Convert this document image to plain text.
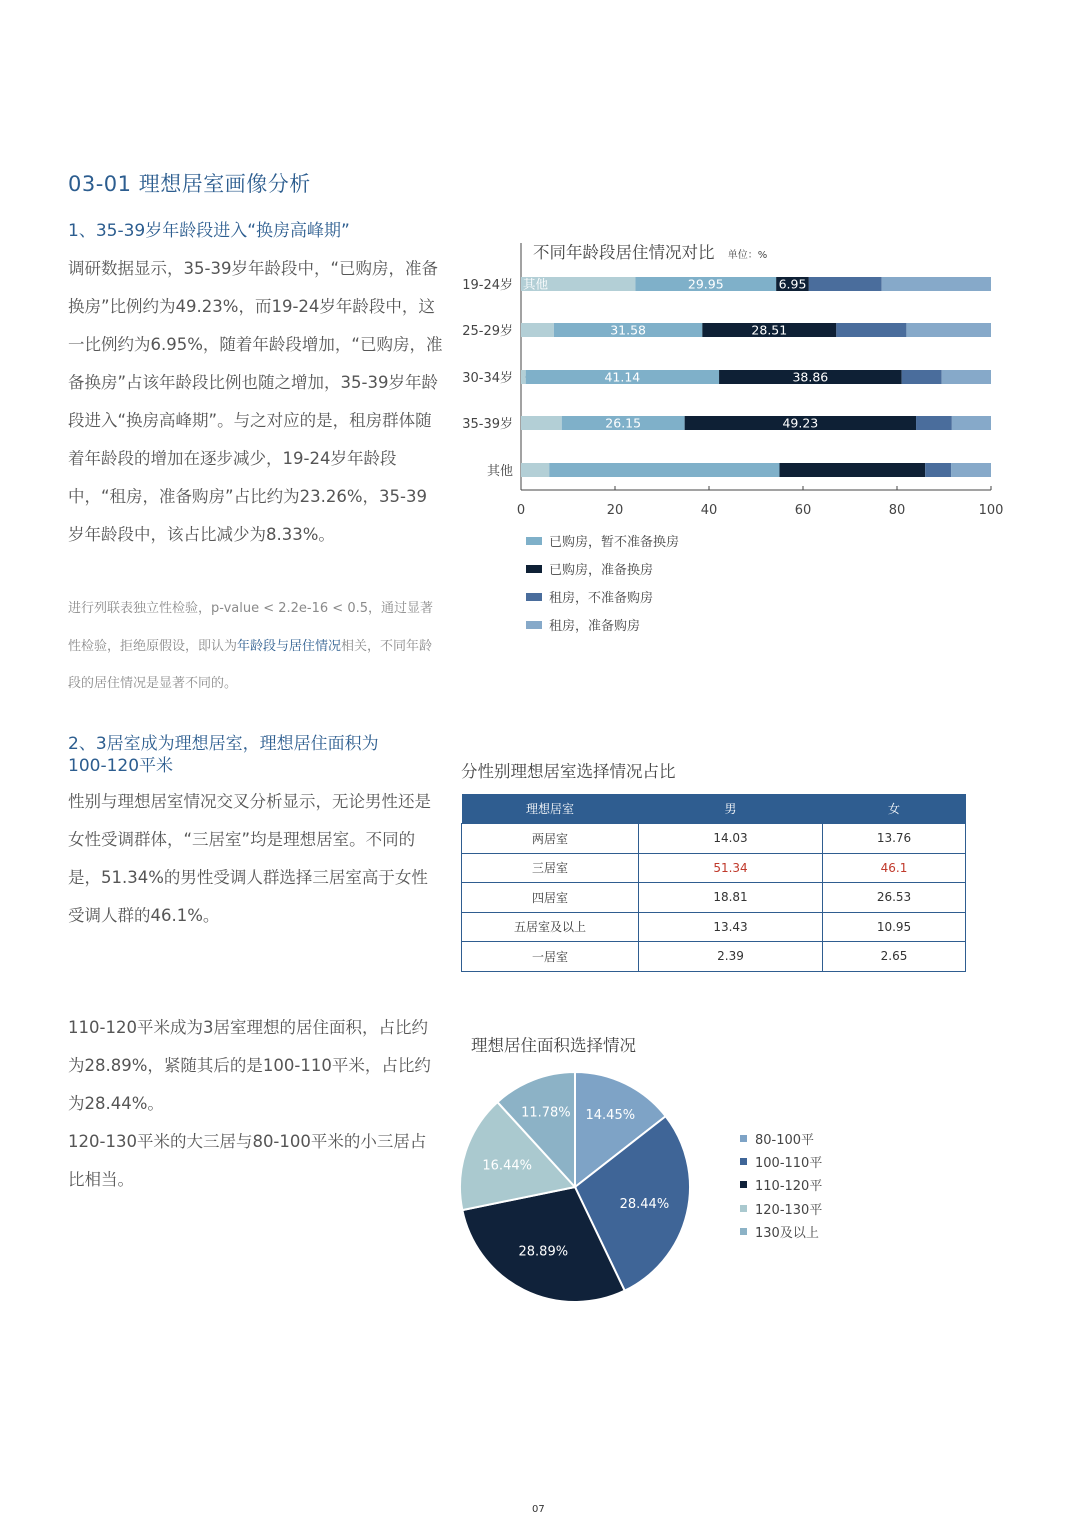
03-01 理想居室画像分析
1、35-39岁年龄段进入“换房高峰期”
调研数据显示，35-39岁年龄段中，“已购房，准备换房”比例约为49.23%，而19-24岁年龄段中，这一比例约为6.95%，随着年龄段增加，“已购房，准备换房”占该年龄段比例也随之增加，35-39岁年龄段进入“换房高峰期”。与之对应的是，租房群体随着年龄段的增加在逐步减少，19-24岁年龄段中，“租房，准备购房”占比约为23.26%，35-39岁年龄段中，该占比减少为8.33%。
进行列联表独立性检验，p-value < 2.2e-16 < 0.5，通过显著性检验，拒绝原假设，即认为年龄段与居住情况相关，不同年龄段的居住情况是显著不同的。
2、3居室成为理想居室，理想居住面积为100-120平米
性别与理想居室情况交叉分析显示，无论男性还是女性受调群体，“三居室”均是理想居室。不同的是，51.34%的男性受调人群选择三居室高于女性受调人群的46.1%。

110-120平米成为3居室理想的居住面积，占比约为28.89%，紧随其后的是100-110平米，占比约为28.44%。

120-130平米的大三居与80-100平米的小三居占比相当。

不同年龄段居住情况对比 单位：%
19-24岁	29.95	6.95
其他
25-29岁	31.58	28.51
30-34岁	41.14	38.86
35-39岁	26.15	49.23
其他
0	20	40	60	80	100
已购房，暂不准备换房
已购房，准备换房
租房，不准备购房
租房，准备购房
分性别理想居室选择情况占比
理想居室	男	女
两居室	14.03	13.76
三居室	51.34	46.1
四居室	18.81	26.53
五居室及以上	13.43	10.95
一居室	2.39	2.65
理想居住面积选择情况
14.45%
28.44%
28.89%
16.44%
11.78%
80-100平
100-110平
110-120平
120-130平
130及以上
07
